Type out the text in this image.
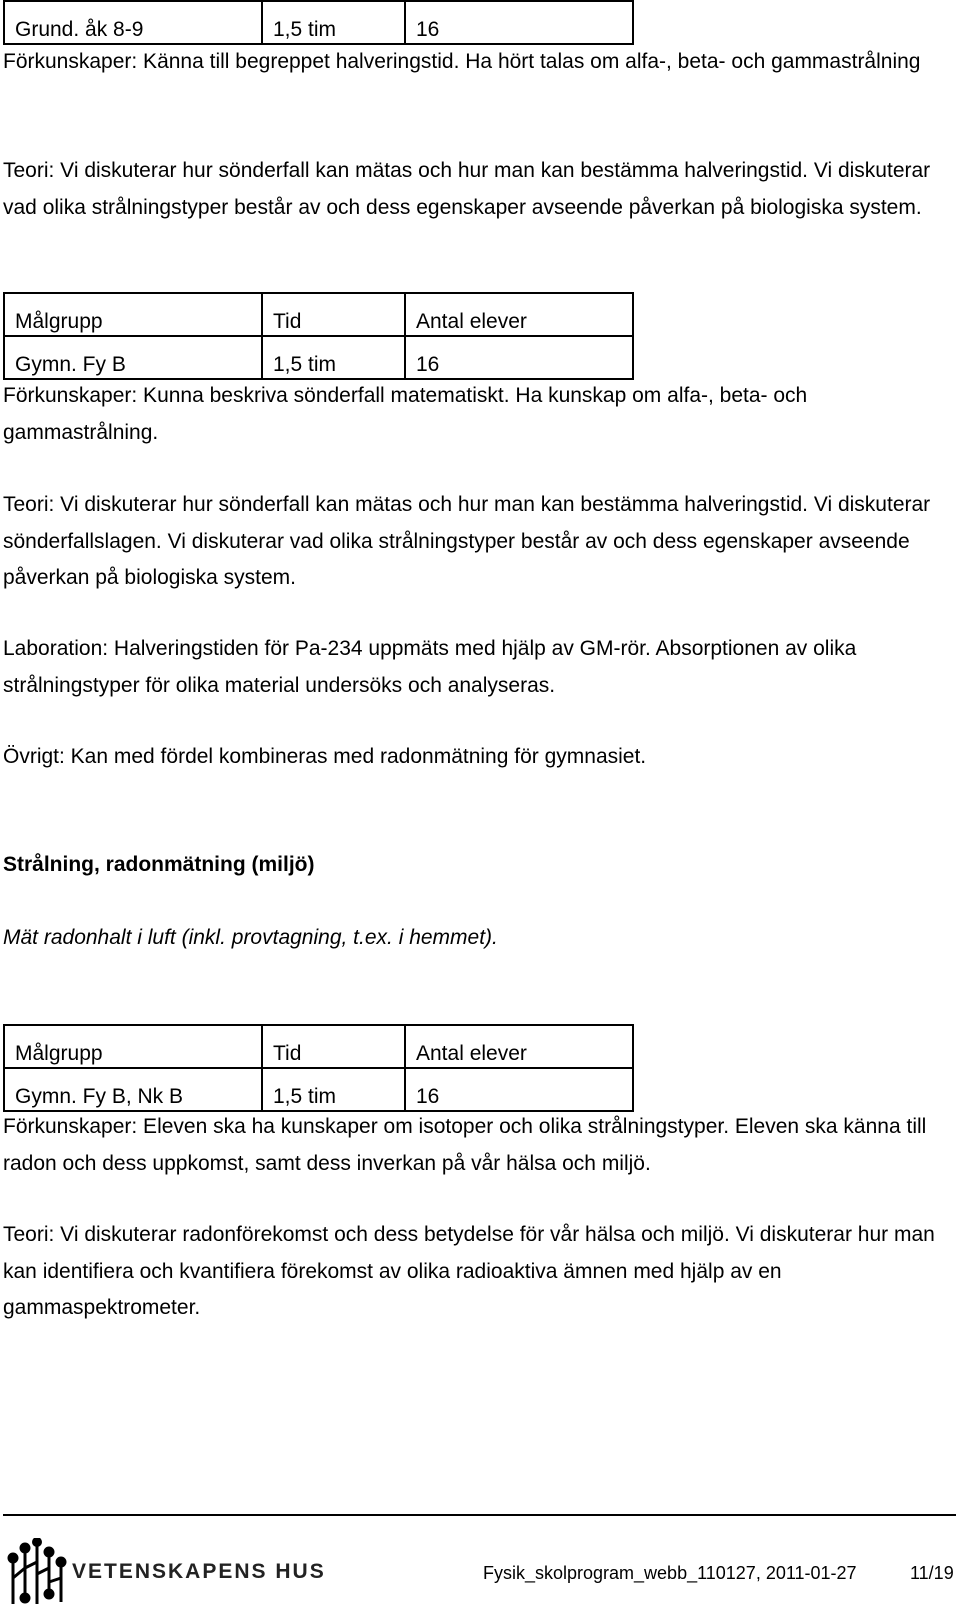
Grund. åk 8-9	1,5 tim	16

Förkunskaper: Känna till begreppet halveringstid. Ha hört talas om alfa-, beta- och gammastrålning

Teori: Vi diskuterar hur sönderfall kan mätas och hur man kan bestämma halveringstid. Vi diskuterar vad olika strålningstyper består av och dess egenskaper avseende påverkan på biologiska system.

Målgrupp	Tid	Antal elever
Gymn. Fy B	1,5 tim	16

Förkunskaper: Kunna beskriva sönderfall matematiskt. Ha kunskap om alfa-, beta- och gammastrålning.

Teori: Vi diskuterar hur sönderfall kan mätas och hur man kan bestämma halveringstid. Vi diskuterar sönderfallslagen. Vi diskuterar vad olika strålningstyper består av och dess egenskaper avseende påverkan på biologiska system.

Laboration: Halveringstiden för Pa-234 uppmäts med hjälp av GM-rör. Absorptionen av olika strålningstyper för olika material undersöks och analyseras.

Övrigt: Kan med fördel kombineras med radonmätning för gymnasiet.

Strålning, radonmätning (miljö)

Mät radonhalt i luft (inkl. provtagning, t.ex. i hemmet).

Målgrupp	Tid	Antal elever
Gymn. Fy B, Nk B	1,5 tim	16

Förkunskaper: Eleven ska ha kunskaper om isotoper och olika strålningstyper. Eleven ska känna till radon och dess uppkomst, samt dess inverkan på vår hälsa och miljö.

Teori: Vi diskuterar radonförekomst och dess betydelse för vår hälsa och miljö. Vi diskuterar hur man kan identifiera och kvantifiera förekomst av olika radioaktiva ämnen med hjälp av en gammaspektrometer.

VETENSKAPENS HUS	Fysik_skolprogram_webb_110127, 2011-01-27	11/19
